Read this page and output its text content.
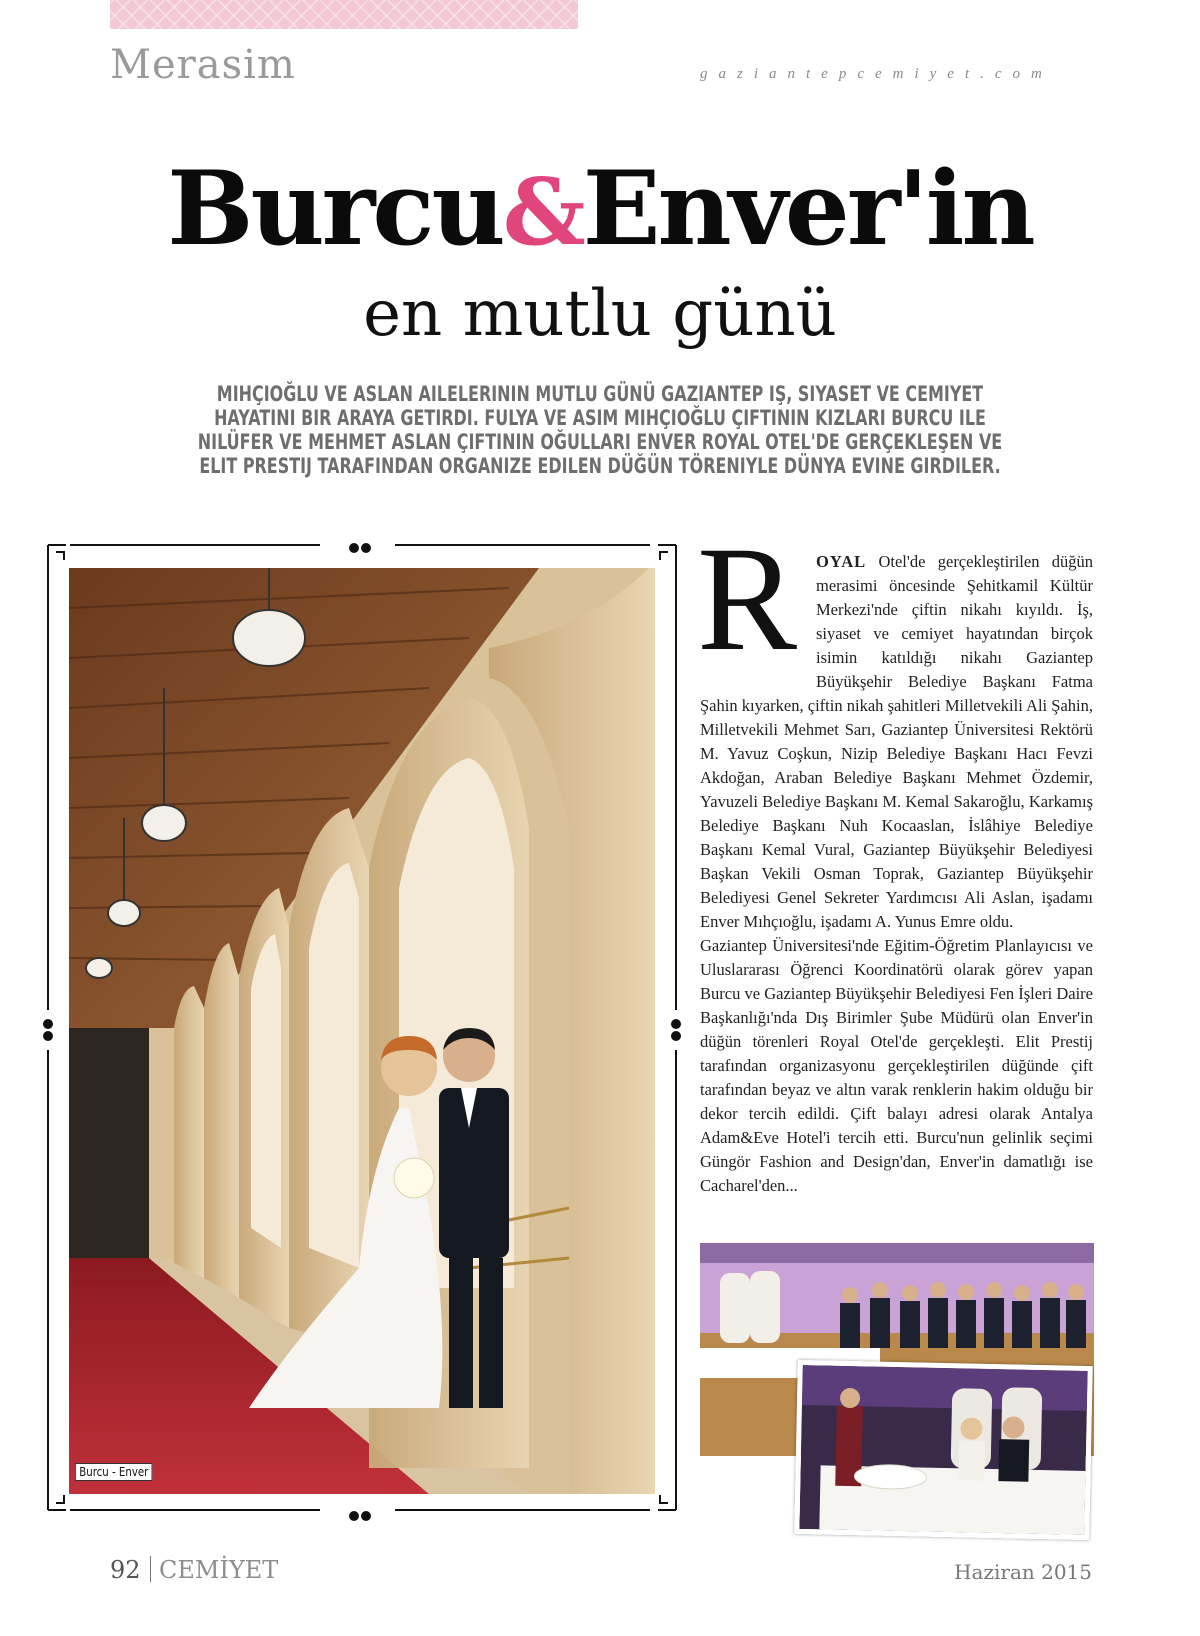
Merasim	gaziantepcemiyet.com
Burcu&Enver'in
en mutlu günü
MIHÇIOĞLU VE ASLAN AILELERININ MUTLU GÜNÜ GAZIANTEP IŞ, SIYASET VE CEMIYET HAYATINI BIR ARAYA GETIRDI. FULYA VE ASIM MIHÇIOĞLU ÇIFTININ KIZLARI BURCU ILE NILÜFER VE MEHMET ASLAN ÇIFTININ OĞULLARI ENVER ROYAL OTEL'DE GERÇEKLEŞEN VE ELIT PRESTIJ TARAFINDAN ORGANIZE EDILEN DÜĞÜN TÖRENIYLE DÜNYA EVINE GIRDILER.
Burcu - Enver
R	OYAL Otel'de gerçekleştirilen düğün merasimi öncesinde Şehitkamil Kültür Merkezi'nde çiftin nikahı kıyıldı. İş, siyaset ve cemiyet hayatından birçok isimin katıldığı nikahı Gaziantep Büyükşehir Belediye Başkanı Fatma Şahin kıyarken, çiftin nikah şahitleri Milletvekili Ali Şahin, Milletvekili Mehmet Sarı, Gaziantep Üniversitesi Rektörü M. Yavuz Coşkun, Nizip Belediye Başkanı Hacı Fevzi Akdoğan, Araban Belediye Başkanı Mehmet Özdemir, Yavuzeli Belediye Başkanı M. Kemal Sakaroğlu, Karkamış Belediye Başkanı Nuh Kocaaslan, İslâhiye Belediye Başkanı Kemal Vural, Gaziantep Büyükşehir Belediyesi Başkan Vekili Osman Toprak, Gaziantep Büyükşehir Belediyesi Genel Sekreter Yardımcısı Ali Aslan, işadamı Enver Mıhçıoğlu, işadamı A. Yunus Emre oldu.

Gaziantep Üniversitesi'nde Eğitim-Öğretim Planlayıcısı ve Uluslararası Öğrenci Koordinatörü olarak görev yapan Burcu ve Gaziantep Büyükşehir Belediyesi Fen İşleri Daire Başkanlığı'nda Dış Birimler Şube Müdürü olan Enver'in düğün törenleri Royal Otel'de gerçekleşti. Elit Prestij tarafından organizasyonu gerçekleştirilen düğünde çift tarafından beyaz ve altın varak renklerin hakim olduğu bir dekor tercih edildi. Çift balayı adresi olarak Antalya Adam&Eve Hotel'i tercih etti. Burcu'nun gelinlik seçimi Güngör Fashion and Design'dan, Enver'in damatlığı ise Cacharel'den...

92 CEMİYET	Haziran 2015
